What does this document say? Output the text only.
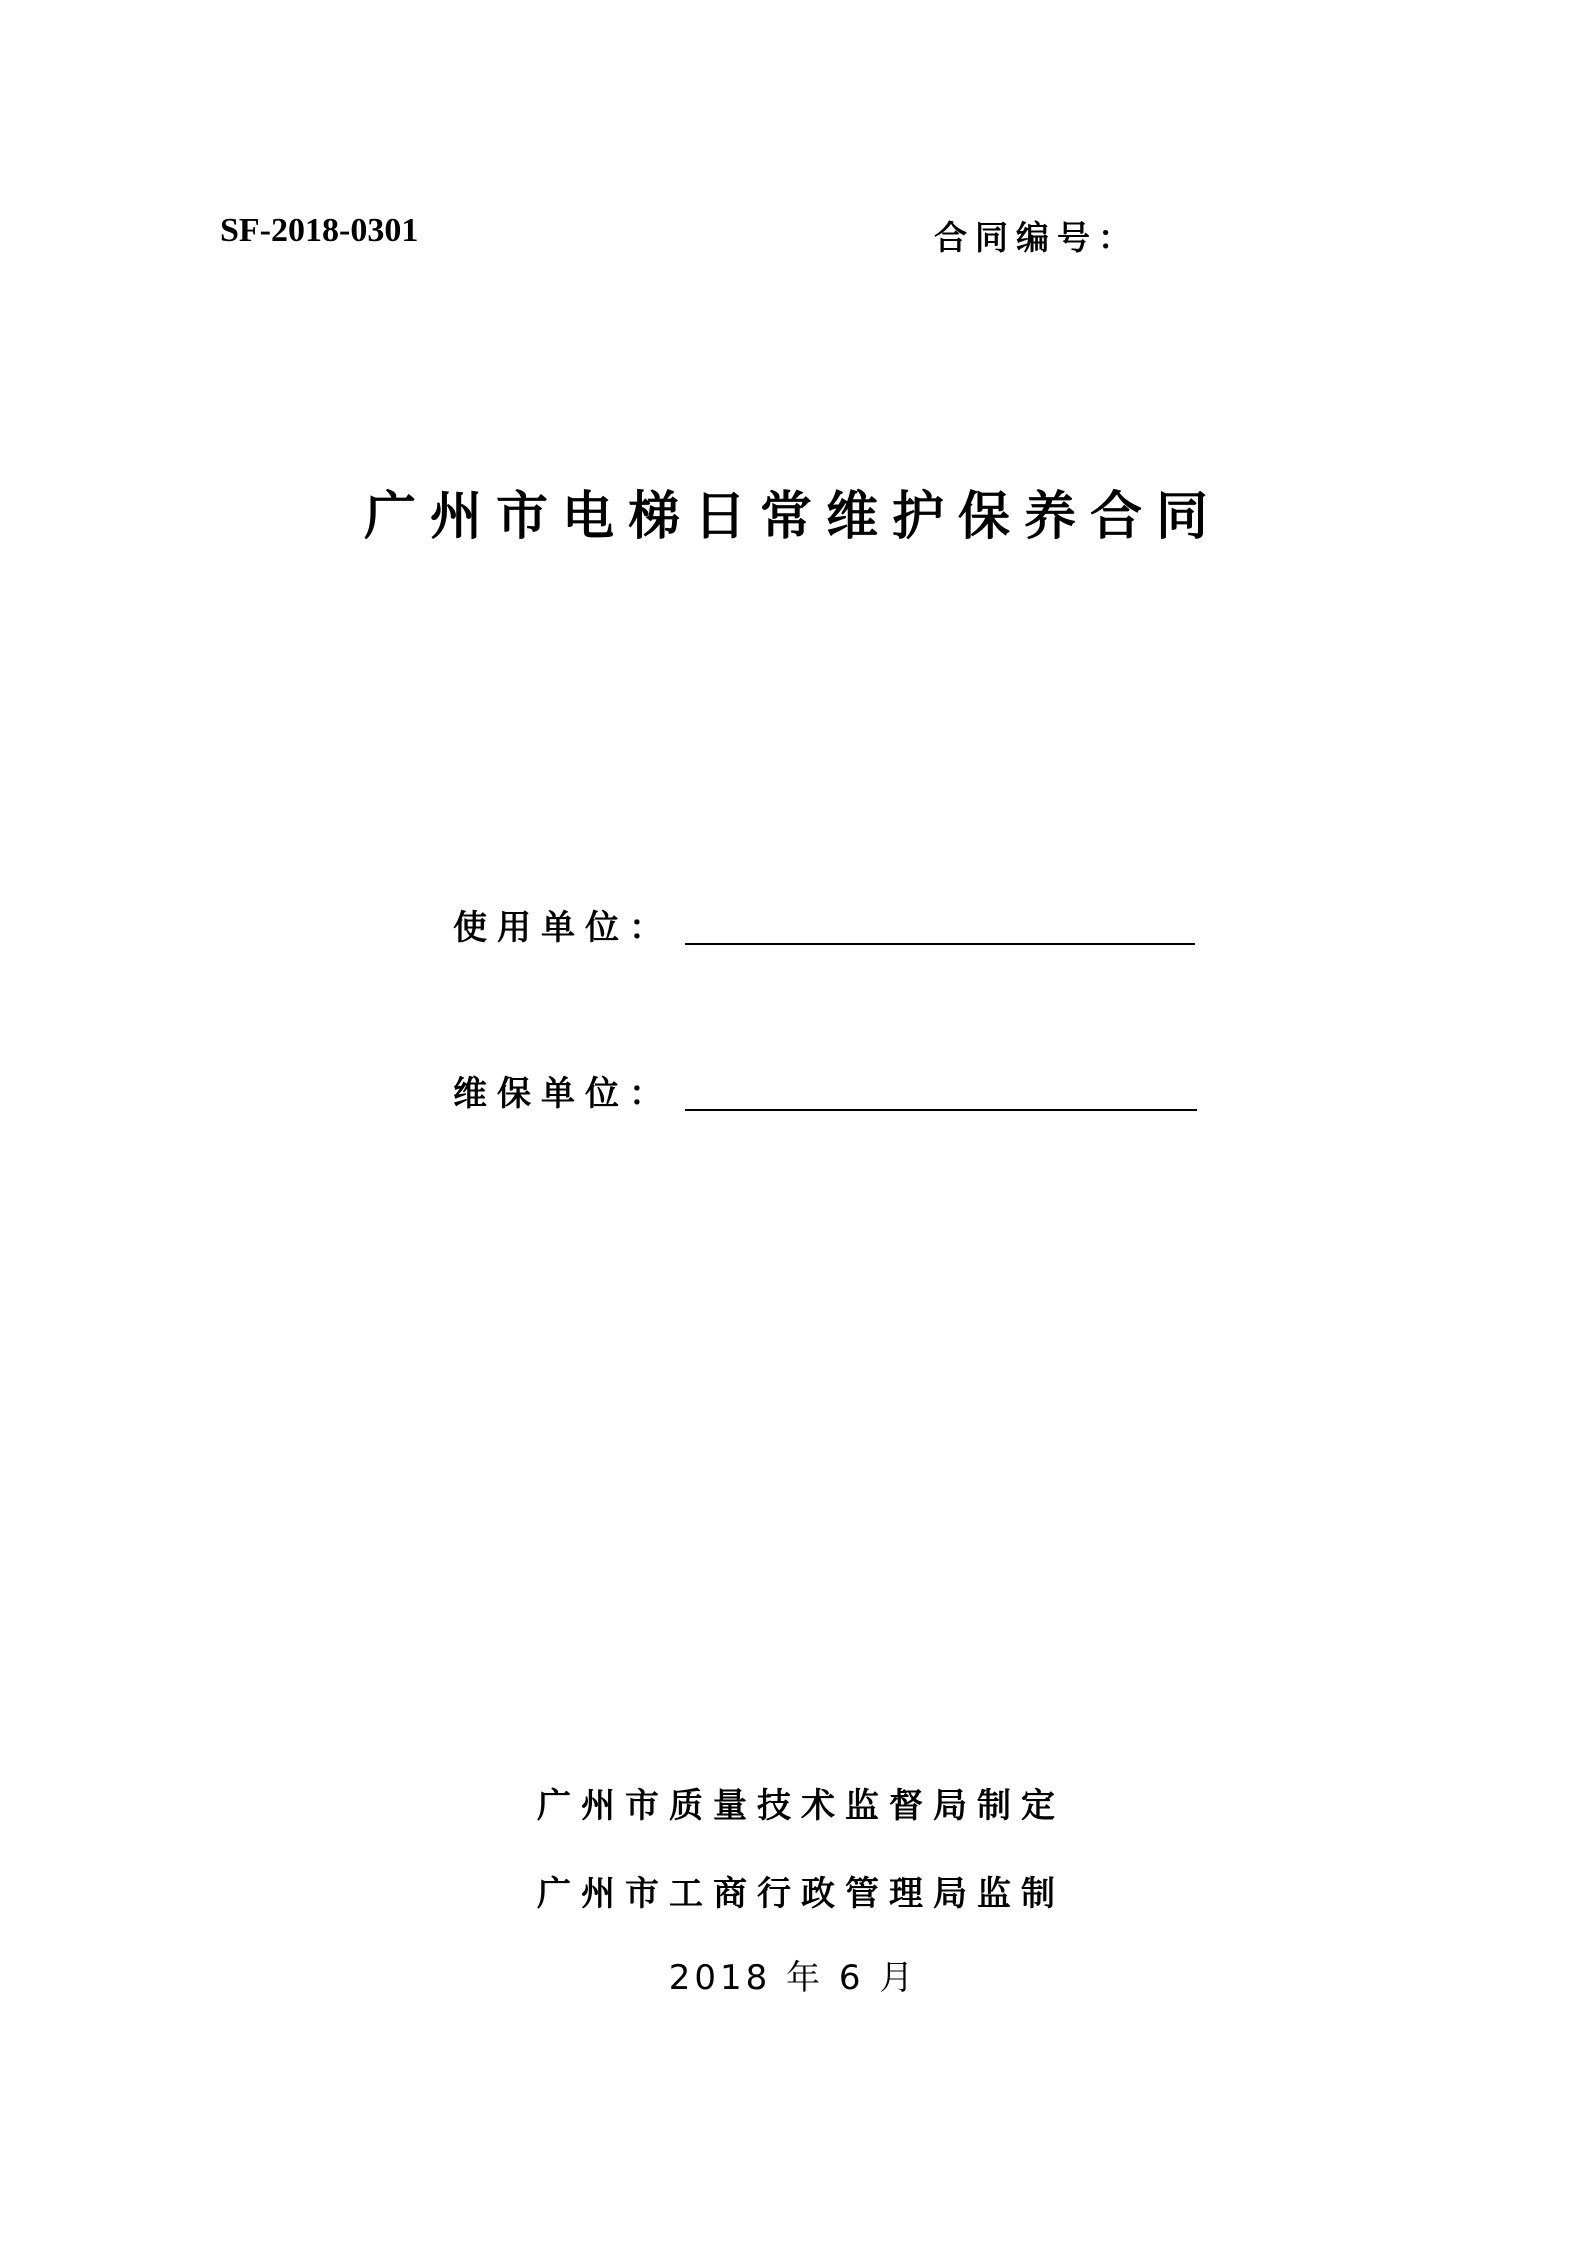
SF-2018-0301	合同编号：
广州市电梯日常维护保养合同
使用单位：
维保单位：
广州市质量技术监督局制定
广州市工商行政管理局监制
2018 年 6 月
